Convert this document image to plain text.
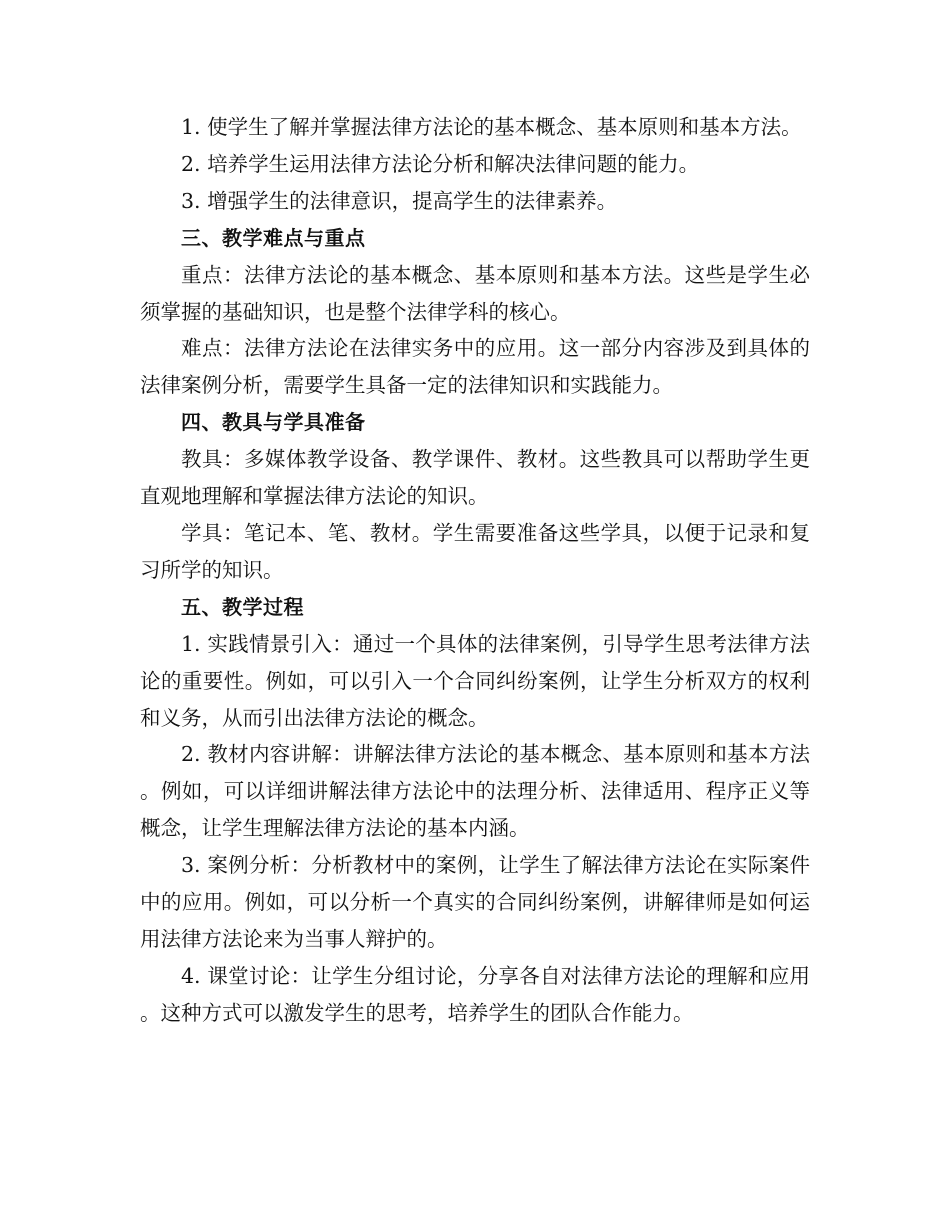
1. 使学生了解并掌握法律方法论的基本概念、基本原则和基本方法。

2. 培养学生运用法律方法论分析和解决法律问题的能力。

3. 增强学生的法律意识，提高学生的法律素养。

三、教学难点与重点

重点：法律方法论的基本概念、基本原则和基本方法。这些是学生必须掌握的基础知识，也是整个法律学科的核心。

难点：法律方法论在法律实务中的应用。这一部分内容涉及到具体的法律案例分析，需要学生具备一定的法律知识和实践能力。

四、教具与学具准备

教具：多媒体教学设备、教学课件、教材。这些教具可以帮助学生更直观地理解和掌握法律方法论的知识。

学具：笔记本、笔、教材。学生需要准备这些学具，以便于记录和复习所学的知识。

五、教学过程

1. 实践情景引入：通过一个具体的法律案例，引导学生思考法律方法论的重要性。例如，可以引入一个合同纠纷案例，让学生分析双方的权利和义务，从而引出法律方法论的概念。

2. 教材内容讲解：讲解法律方法论的基本概念、基本原则和基本方法。例如，可以详细讲解法律方法论中的法理分析、法律适用、程序正义等概念，让学生理解法律方法论的基本内涵。

3. 案例分析：分析教材中的案例，让学生了解法律方法论在实际案件中的应用。例如，可以分析一个真实的合同纠纷案例，讲解律师是如何运用法律方法论来为当事人辩护的。

4. 课堂讨论：让学生分组讨论，分享各自对法律方法论的理解和应用。这种方式可以激发学生的思考，培养学生的团队合作能力。
